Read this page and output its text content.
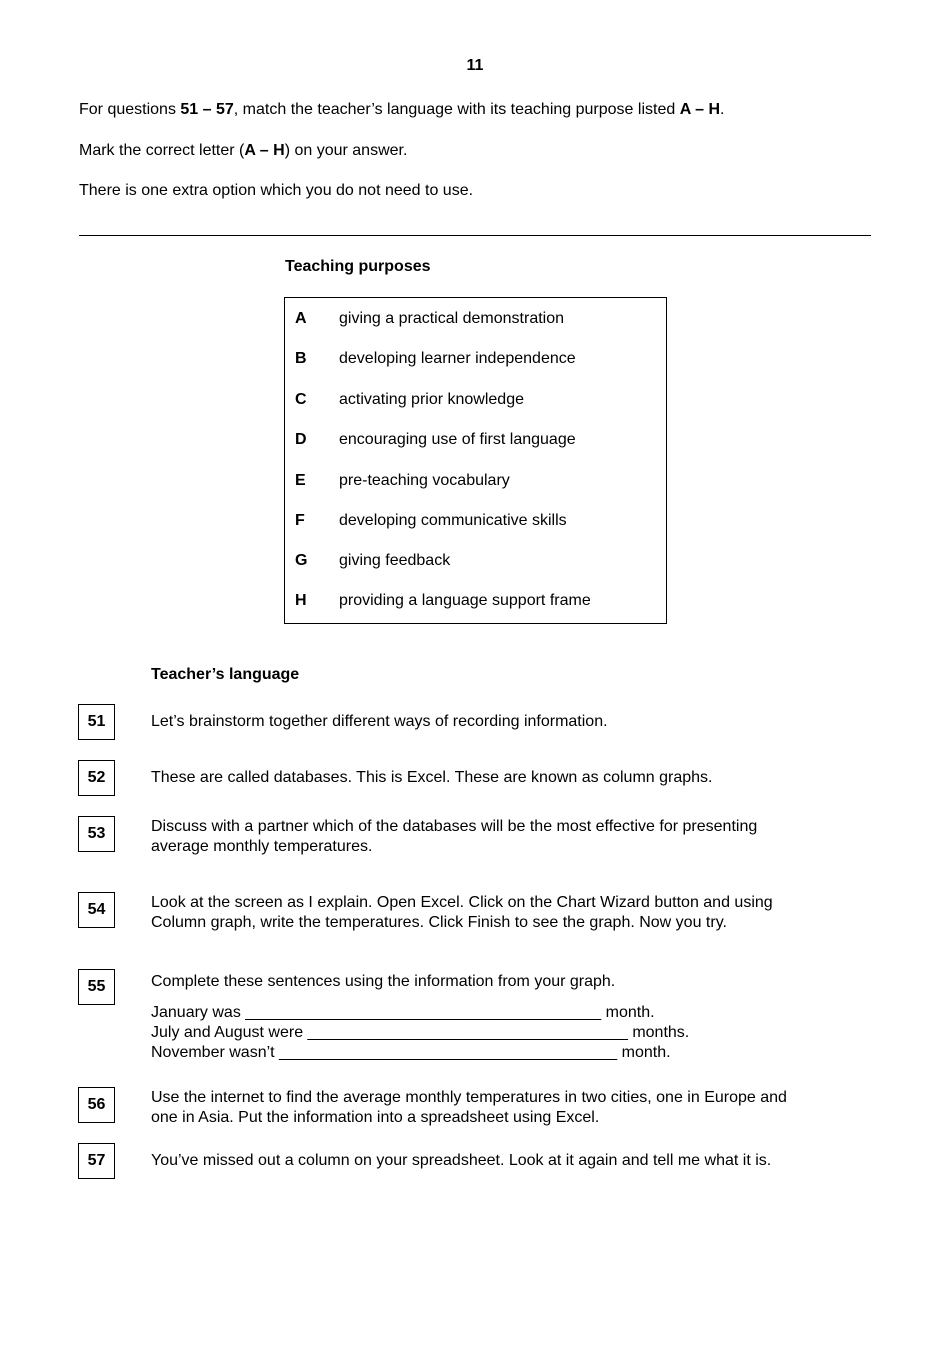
11
For questions 51 – 57, match the teacher’s language with its teaching purpose listed A – H.
Mark the correct letter (A – H) on your answer.
There is one extra option which you do not need to use.
Teaching purposes
A giving a practical demonstration
B developing learner independence
C activating prior knowledge
D encouraging use of first language
E pre-teaching vocabulary
F developing communicative skills
G giving feedback
H providing a language support frame
Teacher’s language
51	Let’s brainstorm together different ways of recording information.
52	These are called databases. This is Excel. These are known as column graphs.
53	Discuss with a partner which of the databases will be the most effective for presenting
average monthly temperatures.
54	Look at the screen as I explain. Open Excel. Click on the Chart Wizard button and using
Column graph, write the temperatures. Click Finish to see the graph. Now you try.
55	Complete these sentences using the information from your graph.
January was ________________________________________ month.
July and August were ____________________________________ months.
November wasn’t ______________________________________ month.
56	Use the internet to find the average monthly temperatures in two cities, one in Europe and
one in Asia. Put the information into a spreadsheet using Excel.
57	You’ve missed out a column on your spreadsheet. Look at it again and tell me what it is.
